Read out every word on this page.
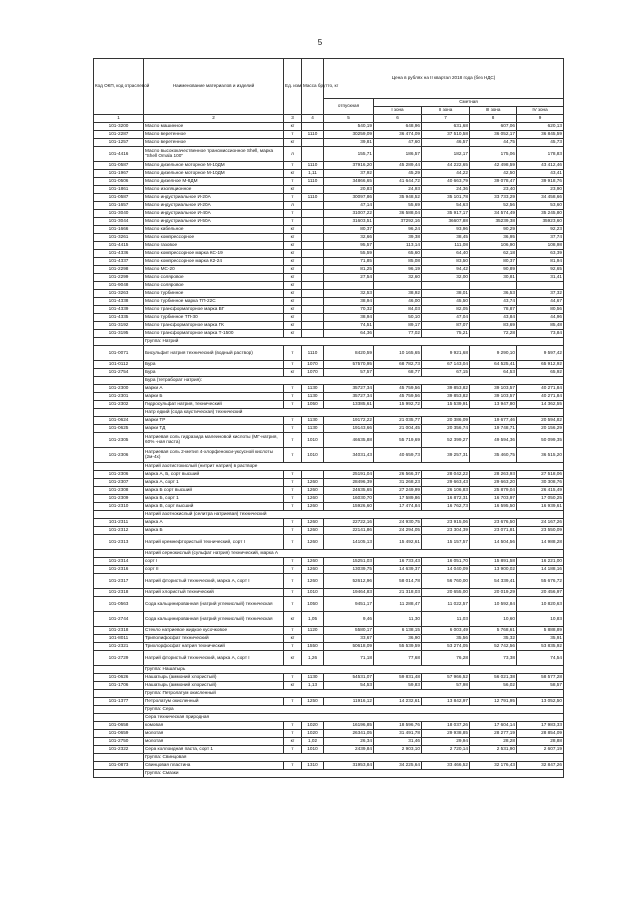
5
Код ОКП, код отраслевой	Наименование материалов и изделий	Ед. изм.	Масса брутто, кг	Цена в рублях на II квартал 2018 года (без НДС)				
				отпускная	Сметная			
					I зона	II зона	III зона	IV зона
1	2	3	4	5	6	7	8	9
101-3200	Масло машинное	кг		540,19	648,96	631,68	607,06	620,13
101-2287	Масло веретенное	т	1110	30259,09	36 474,09	37 510,58	36 052,17	36 845,59
101-1257	Масло веретенное	кг		39,81	47,60	46,57	44,75	45,73
101-4416	Масло высококачественное трансмиссионное Shell, марка "Shell Omala 100"	л		155,71	186,57	182,17	175,06	178,83
101-0587	Масло дизельное моторное М-10ДМ	т	1110	37916,20	45 289,44	44 222,65	42 498,59	43 412,46
101-1967	Масло дизельное моторное М-10ДМ	кг	1,11	37,92	45,29	44,22	42,50	43,41
101-0506	Масло дизелное М-8ДМ	т	1110	34866,65	41 644,72	40 663,79	39 078,47	39 918,76
101-1861	Масло изоляционное	кг		20,83	24,93	24,36	23,40	23,90
101-0587	Масло индустриальное И-20А	т	1110	30097,86	35 948,52	35 101,78	33 733,29	34 458,66
101-1657	Масло индустриальное И-20А	л		47,14	55,69	54,63	52,56	53,60
101-3040	Масло индустриальное И-40А	т		31007,22	36 588,04	35 917,17	34 574,49	35 245,80
101-3044	Масло индустриальное И-50А	т		31603,51	37292,16	36607,88	35239,38	35923,60
101-1666	Масло кабельное	кг		80,37	96,24	93,96	90,29	92,23
101-3261	Масло компрессорное	кг		32,66	39,38	38,45	36,95	37,74
101-4415	Масло газовое	кг		95,57	113,14	111,08	106,90	108,98
101-4336	Масло компрессорное марка КС-19	кг		55,59	65,60	64,40	62,18	63,39
101-4337	Масло компрессорное марка К2-24	кг		71,85	85,08	83,50	80,37	81,94
101-2298	Масло МС-20	кг		81,25	96,19	94,42	90,89	92,65
101-2299	Масло соляровое	кг		27,54	32,60	32,00	30,81	31,41
101-9048	Масло соляровое	кг						
101-3263	Масло турбинное	кг		32,53	38,92	38,01	36,53	37,32
101-4338	Масло турбинное марка ТП-22С	кг		38,94	46,00	45,50	43,74	44,67
101-4339	Масло трансформаторное марка ВГ	кг		70,32	84,03	82,05	78,87	80,56
101-4335	Масло турбинное ТП-30	кг		38,94	50,10	47,04	43,84	44,96
101-3192	Масло трансформаторное марка ГК	кг		74,51	89,17	87,07	83,69	85,48
101-3195	Масло трансформаторное марка Т-1500	кг		64,36	77,02	75,21	72,28	73,84
	Группа: Натрий							
101-0071	Бисульфит натрия технический (водный раствор)	т	1110	8420,59	10 165,65	9 921,68	9 290,10	9 597,42
101-0112	Бура	т	1070	57570,95	68 782,73	67 143,04	64 525,41	65 912,92
101-2754	Бура	кг	1070	57,57	68,77	67,15	64,53	65,92
	Бура (тетраборат натрия):							
101-2300	марки А	т	1130	35727,34	45 759,56	39 853,82	39 103,57	40 271,84
101-2301	марки Б	т	1130	35727,34	45 759,56	39 853,82	39 103,57	40 271,84
101-2302	Гидросульфат натрия, технический	т	1050	13385,61	15 992,72	15 539,91	13 947,80	14 362,55
	Натр едкий (сода каустическая) технический							
101-0624	марки ТР	т	1130	19172,22	21 035,77	20 386,09	19 677,46	20 594,82
101-0625	марки ТД	т	1130	19143,66	21 004,45	20 356,74	19 748,71	20 156,29
101-2305	Натриевая соль гидразида малеиновой кислоты (МГ-натрия, 60% -ная паста)	т	1010	46635,88	55 719,69	52 399,27	49 594,36	50 099,35
101-2306	Натриевая соль 2-метил 4-хлорфенокси-уксусной кислоты (2м-4х)	т	1010	34031,43	40 659,73	39 257,31	35 460,75	36 515,20
	Натрий азотистокислый (нитрит натрия) в растворе							
101-2306	марка А, Б, сорт высший	т		25191,04	26 566,37	28 042,22	28 263,93	27 518,06
101-2307	марка А, сорт 1	т	1260	28496,39	31 268,23	29 663,43	29 663,20	30 308,76
101-2308	марка Б сорт высший	т	1260	24635,65	27 249,99	26 106,83	25 879,04	26 415,49
101-2309	марка Б, сорт 1	т	1260	16030,70	17 589,86	16 872,31	16 703,97	17 050,25
101-2310	марка В, сорт высший	т	1260	15926,60	17 474,84	16 762,73	16 595,50	16 939,61
	Натрий азотнокислый (селитра натриевая) технический							
101-2311	марка А	т	1260	22722,16	24 930,75	23 915,06	23 676,50	24 167,26
101-2312	марка Б	т	1260	22141,86	24 294,05	23 304,39	23 071,81	23 550,09
101-2313	Натрий кремнефтористый технический, сорт I	т	1260	14105,13	15 492,61	15 157,57	14 504,56	14 988,28
	Натрий сернокислый (сульфат натрия) технический, марка А							
101-2314	сорт I	т	1260	15251,03	16 733,43	16 051,70	15 891,58	16 221,00
101-2316	сорт II	т	1260	13039,75	14 639,37	14 040,09	13 900,02	14 188,16
101-2317	Натрий фтористый технический, марка А, сорт I	т	1260	52612,96	58 014,78	56 760,00	54 339,41	55 676,72
101-2318	Натрий хлористый технический	т	1010	19464,83	21 318,03	20 655,00	20 019,29	20 456,97
101-0563	Сода кальцинированная (натрий углекислый) техническая	т	1050	9451,17	11 288,47	11 022,57	10 592,84	10 820,63
101-2744	Сода кальцинированная (натрий углекислый) техническая	кг	1,05	9,46	11,30	11,03	10,60	10,83
101-2318	Стекло натриевое жидкое кусочковое	т	1120	5580,17	6 138,15	6 003,49	5 768,61	5 888,89
101-8011	Триполифосфат технический	кг		33,67	36,90	35,56	35,32	35,91
101-2321	Трихлорфосфат натрия технический	т	1550	50618,09	55 539,59	53 274,05	52 742,56	53 835,92
101-2729	Натрий фтористый технический, марка А, сорт I	кг	1,26	71,18	77,68	76,28	73,38	74,54
	Группа: Нашатырь							
101-0626	Нашатырь (аммоний хлористый)	т	1130	54531,07	59 831,48	57 966,52	56 021,38	58 577,28
101-1706	Нашатырь (аммоний хлористый)	кг	1,13	54,53	59,83	57,98	56,02	58,57
	Группа: Петролатум окисленный							
101-1377	Петролатум окисленный	т	1250	11916,12	14 232,61	13 842,97	12 791,95	13 052,50
	Группа: Сера							
	Сера техническая природная							
101-0658	комовая	т	1020	16196,85	18 596,76	18 037,26	17 604,14	17 983,33
101-0659	молотая	т	1020	26341,05	31 491,78	29 938,85	28 277,19	28 854,09
101-2750	молотая	кг	1,02	26,34	31,46	29,94	28,28	28,88
101-2322	Сера коллоидная паста, сорт 1	т	1010	2439,84	2 903,10	2 720,14	2 531,90	2 607,19
	Группа: Свинцовая							
101-0873	Свинцовая пластина	т	1310	31953,84	34 225,64	33 466,52	32 176,43	32 847,26
	Группа: Смазки							
